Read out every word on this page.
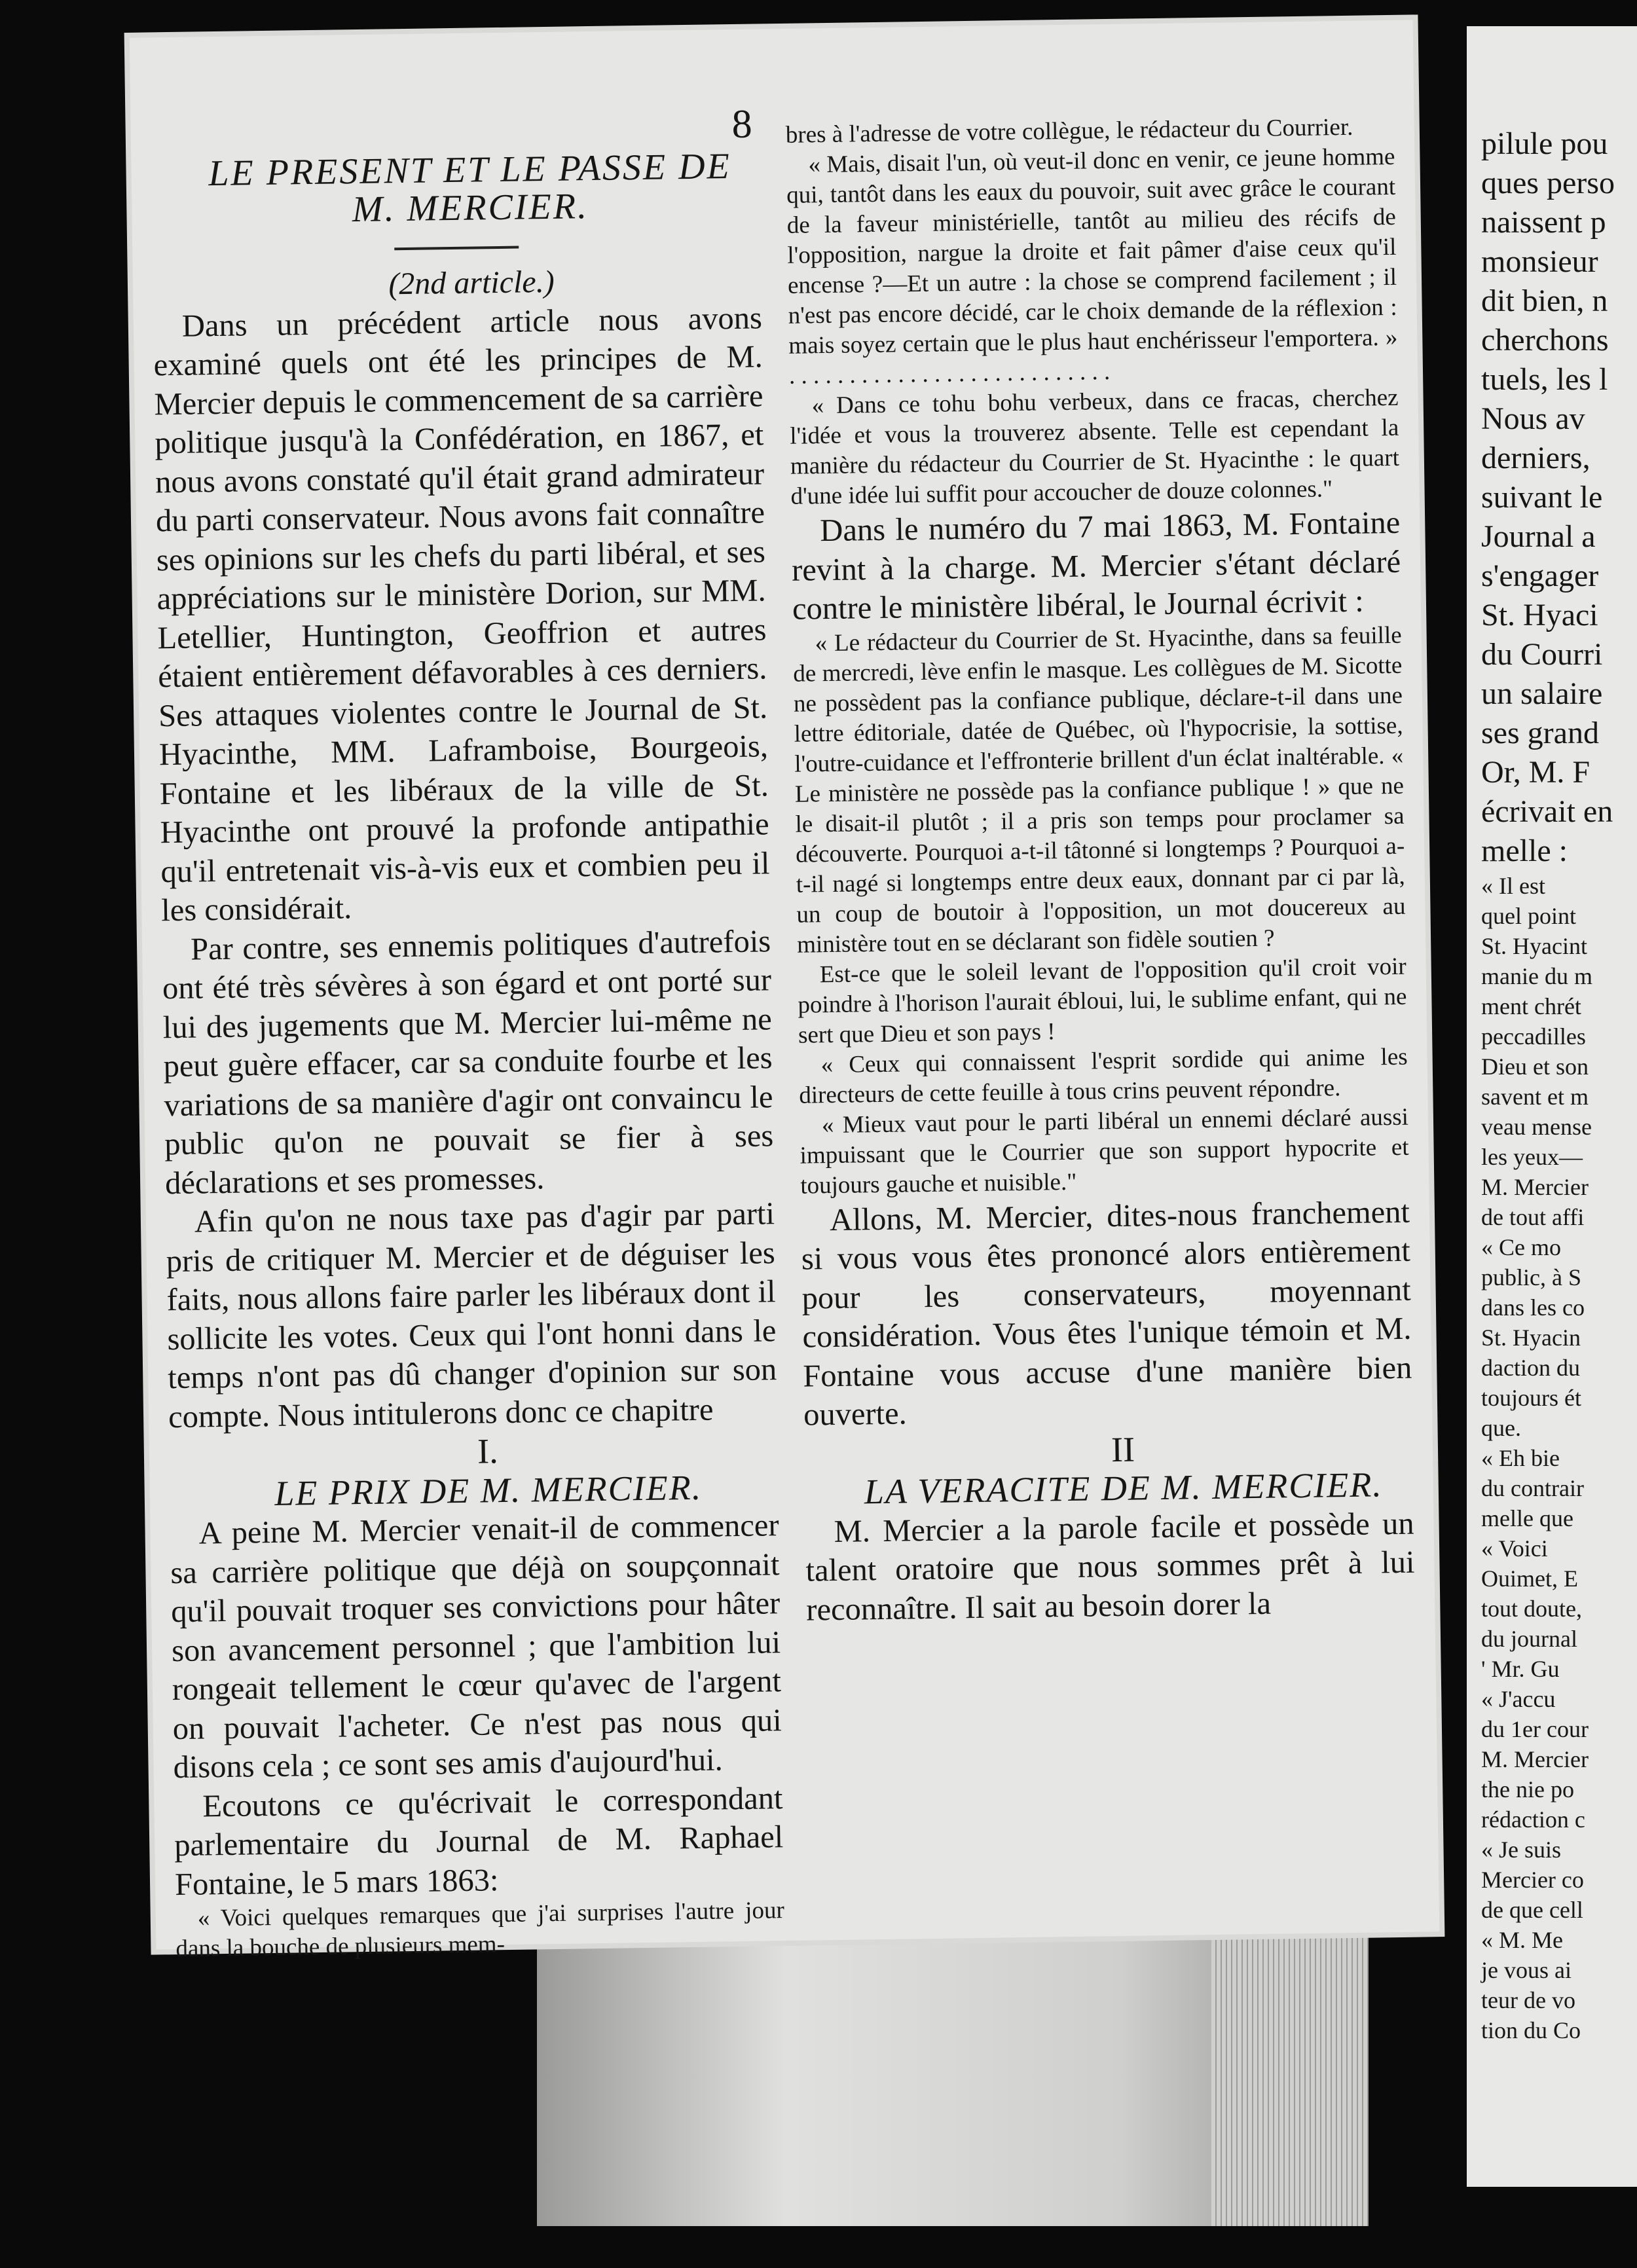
pilule pou
ques perso
naissent p
monsieur
dit bien, n
cherchons
tuels, les l
Nous av
derniers,
suivant le
Journal a
s'engager
St. Hyaci
du Courri
un salaire
ses grand
Or, M. F
écrivait en
melle :
« Il est
quel point
St. Hyacint
manie du m
ment chrét
peccadilles
Dieu et son
savent et m
veau mense
les yeux—
M. Mercier
de tout affi
« Ce mo
public, à S
dans les co
St. Hyacin
daction du
toujours ét
que.
« Eh bie
du contrair
melle que
« Voici
Ouimet, E
tout doute,
du journal
' Mr. Gu
« J'accu
du 1er cour
M. Mercier
the nie po
rédaction c
« Je suis
Mercier co
de que cell
« M. Me
je vous ai
teur de vo
tion du Co
8

LE PRESENT ET LE PASSE DE

M. MERCIER.

(2nd article.)

Dans un précédent article nous avons examiné quels ont été les principes de M. Mercier depuis le commencement de sa carrière politique jusqu'à la Confédération, en 1867, et nous avons constaté qu'il était grand admirateur du parti conservateur. Nous avons fait connaître ses opinions sur les chefs du parti libéral, et ses appréciations sur le ministère Dorion, sur MM. Letellier, Huntington, Geoffrion et autres étaient entièrement défavorables à ces derniers. Ses attaques violentes contre le Journal de St. Hyacinthe, MM. Laframboise, Bourgeois, Fontaine et les libéraux de la ville de St. Hyacinthe ont prouvé la profonde antipathie qu'il entretenait vis-à-vis eux et combien peu il les considérait.

Par contre, ses ennemis politiques d'autrefois ont été très sévères à son égard et ont porté sur lui des jugements que M. Mercier lui-même ne peut guère effacer, car sa conduite fourbe et les variations de sa manière d'agir ont convaincu le public qu'on ne pouvait se fier à ses déclarations et ses promesses.

Afin qu'on ne nous taxe pas d'agir par parti pris de critiquer M. Mercier et de déguiser les faits, nous allons faire parler les libéraux dont il sollicite les votes. Ceux qui l'ont honni dans le temps n'ont pas dû changer d'opinion sur son compte. Nous intitulerons donc ce chapitre

I.

LE PRIX DE M. MERCIER.

A peine M. Mercier venait-il de commencer sa carrière politique que déjà on soupçonnait qu'il pouvait troquer ses convictions pour hâter son avancement personnel ; que l'ambition lui rongeait tellement le cœur qu'avec de l'argent on pouvait l'acheter. Ce n'est pas nous qui disons cela ; ce sont ses amis d'aujourd'hui.

Ecoutons ce qu'écrivait le correspondant parlementaire du Journal de M. Raphael Fontaine, le 5 mars 1863:

« Voici quelques remarques que j'ai surprises l'autre jour dans la bouche de plusieurs mem-

bres à l'adresse de votre collègue, le rédacteur du Courrier.

« Mais, disait l'un, où veut-il donc en venir, ce jeune homme qui, tantôt dans les eaux du pouvoir, suit avec grâce le courant de la faveur ministérielle, tantôt au milieu des récifs de l'opposition, nargue la droite et fait pâmer d'aise ceux qu'il encense ?—Et un autre : la chose se comprend facilement ; il n'est pas encore décidé, car le choix demande de la réflexion : mais soyez certain que le plus haut enchérisseur l'emportera. » . . . . . . . . . . . . . . . . . . . . . . . . . . .

« Dans ce tohu bohu verbeux, dans ce fracas, cherchez l'idée et vous la trouverez absente. Telle est cependant la manière du rédacteur du Courrier de St. Hyacinthe : le quart d'une idée lui suffit pour accoucher de douze colonnes."

Dans le numéro du 7 mai 1863, M. Fontaine revint à la charge. M. Mercier s'étant déclaré contre le ministère libéral, le Journal écrivit :

« Le rédacteur du Courrier de St. Hyacinthe, dans sa feuille de mercredi, lève enfin le masque. Les collègues de M. Sicotte ne possèdent pas la confiance publique, déclare-t-il dans une lettre éditoriale, datée de Québec, où l'hypocrisie, la sottise, l'outre-cuidance et l'effronterie brillent d'un éclat inaltérable. « Le ministère ne possède pas la confiance publique ! » que ne le disait-il plutôt ; il a pris son temps pour proclamer sa découverte. Pourquoi a-t-il tâtonné si longtemps ? Pourquoi a-t-il nagé si longtemps entre deux eaux, donnant par ci par là, un coup de boutoir à l'opposition, un mot doucereux au ministère tout en se déclarant son fidèle soutien ?

Est-ce que le soleil levant de l'opposition qu'il croit voir poindre à l'horison l'aurait ébloui, lui, le sublime enfant, qui ne sert que Dieu et son pays !

« Ceux qui connaissent l'esprit sordide qui anime les directeurs de cette feuille à tous crins peuvent répondre.

« Mieux vaut pour le parti libéral un ennemi déclaré aussi impuissant que le Courrier que son support hypocrite et toujours gauche et nuisible."

Allons, M. Mercier, dites-nous franchement si vous vous êtes prononcé alors entièrement pour les conservateurs, moyennant considération. Vous êtes l'unique témoin et M. Fontaine vous accuse d'une manière bien ouverte.

II

LA VERACITE DE M. MERCIER.

M. Mercier a la parole facile et possède un talent oratoire que nous sommes prêt à lui reconnaître. Il sait au besoin dorer la
